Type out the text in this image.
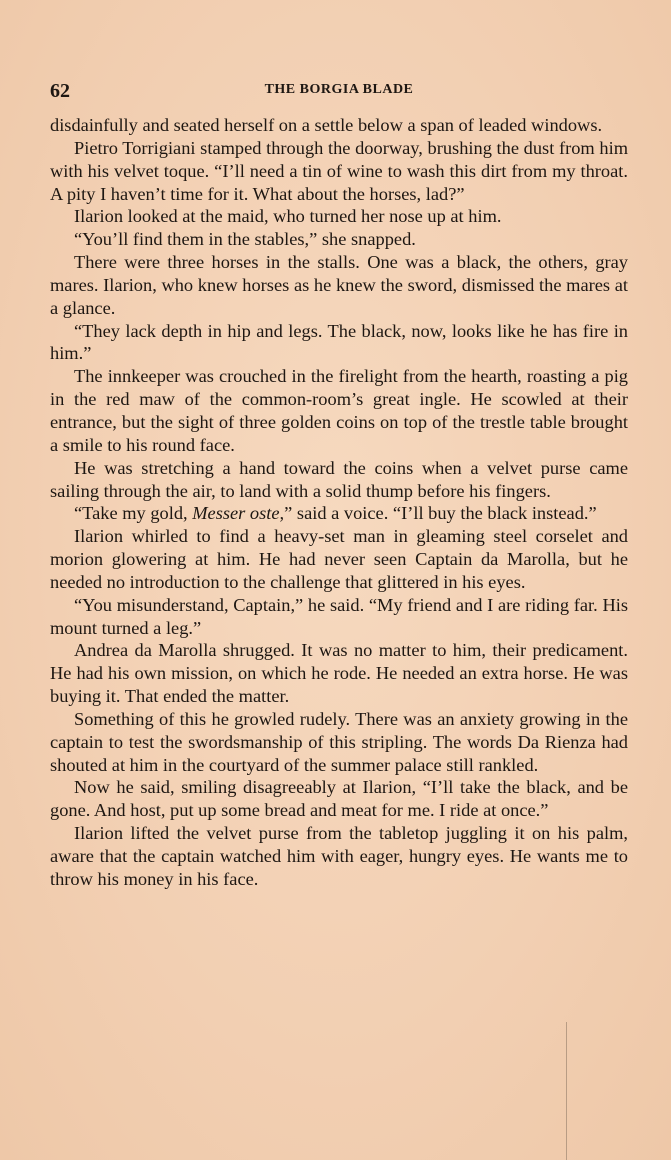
62	THE BORGIA BLADE

disdainfully and seated herself on a settle below a span of leaded windows.

Pietro Torrigiani stamped through the doorway, brushing the dust from him with his velvet toque. “I’ll need a tin of wine to wash this dirt from my throat. A pity I haven’t time for it. What about the horses, lad?”

Ilarion looked at the maid, who turned her nose up at him.

“You’ll find them in the stables,” she snapped.

There were three horses in the stalls. One was a black, the others, gray mares. Ilarion, who knew horses as he knew the sword, dismissed the mares at a glance.

“They lack depth in hip and legs. The black, now, looks like he has fire in him.”

The innkeeper was crouched in the firelight from the hearth, roasting a pig in the red maw of the common-room’s great ingle. He scowled at their entrance, but the sight of three golden coins on top of the trestle table brought a smile to his round face.

He was stretching a hand toward the coins when a velvet purse came sailing through the air, to land with a solid thump before his fingers.

“Take my gold, Messer oste,” said a voice. “I’ll buy the black instead.”

Ilarion whirled to find a heavy-set man in gleaming steel corselet and morion glowering at him. He had never seen Captain da Marolla, but he needed no introduction to the challenge that glittered in his eyes.

“You misunderstand, Captain,” he said. “My friend and I are riding far. His mount turned a leg.”

Andrea da Marolla shrugged. It was no matter to him, their predicament. He had his own mission, on which he rode. He needed an extra horse. He was buying it. That ended the matter.

Something of this he growled rudely. There was an anxiety growing in the captain to test the swordsmanship of this stripling. The words Da Rienza had shouted at him in the courtyard of the summer palace still rankled.

Now he said, smiling disagreeably at Ilarion, “I’ll take the black, and be gone. And host, put up some bread and meat for me. I ride at once.”

Ilarion lifted the velvet purse from the tabletop juggling it on his palm, aware that the captain watched him with eager, hungry eyes. He wants me to throw his money in his face.
